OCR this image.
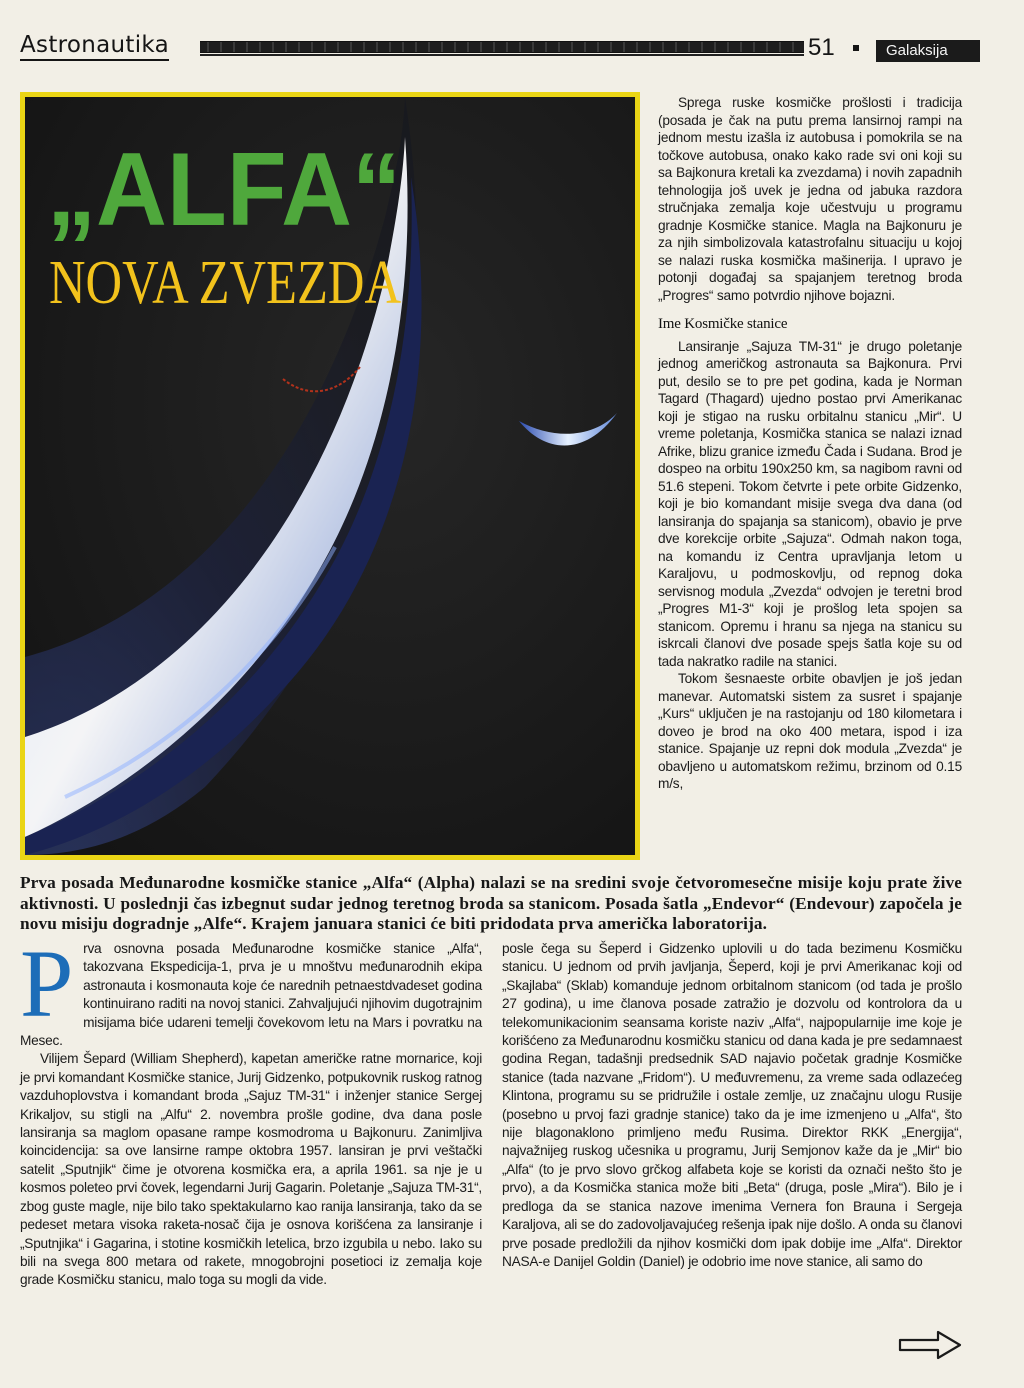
Astronautika	51	Galaksija
„ALFA“
NOVA ZVEZDA

Sprega ruske kosmičke prošlosti i tradicija (posada je čak na putu prema lansirnoj rampi na jednom mestu izašla iz autobusa i pomokrila se na točkove autobusa, onako kako rade svi oni koji su sa Bajkonura kretali ka zvezdama) i novih zapadnih tehnologija još uvek je jedna od jabuka razdora stručnjaka zemalja koje učestvuju u programu gradnje Kosmičke stanice. Magla na Bajkonuru je za njih simbolizovala katastrofalnu situaciju u kojoj se nalazi ruska kosmička mašinerija. I upravo je potonji događaj sa spajanjem teretnog broda „Progres“ samo potvrdio njihove bojazni.

Ime Kosmičke stanice

Lansiranje „Sajuza TM-31“ je drugo poletanje jednog američkog astronauta sa Bajkonura. Prvi put, desilo se to pre pet godina, kada je Norman Tagard (Thagard) ujedno postao prvi Amerikanac koji je stigao na rusku orbitalnu stanicu „Mir“. U vreme poletanja, Kosmička stanica se nalazi iznad Afrike, blizu granice između Čada i Sudana. Brod je dospeo na orbitu 190x250 km, sa nagibom ravni od 51.6 stepeni. Tokom četvrte i pete orbite Gidzenko, koji je bio komandant misije svega dva dana (od lansiranja do spajanja sa stanicom), obavio je prve dve korekcije orbite „Sajuza“. Odmah nakon toga, na komandu iz Centra upravljanja letom u Karaljovu, u podmoskovlju, od repnog doka servisnog modula „Zvezda“ odvojen je teretni brod „Progres M1-3“ koji je prošlog leta spojen sa stanicom. Opremu i hranu sa njega na stanicu su iskrcali članovi dve posade spejs šatla koje su od tada nakratko radile na stanici.

Tokom šesnaeste orbite obavljen je još jedan manevar. Automatski sistem za susret i spajanje „Kurs“ uključen je na rastojanju od 180 kilometara i doveo je brod na oko 400 metara, ispod i iza stanice. Spajanje uz repni dok modula „Zvezda“ je obavljeno u automatskom režimu, brzinom od 0.15 m/s,

Prva posada Međunarodne kosmičke stanice „Alfa“ (Alpha) nalazi se na sredini svoje četvoromesečne misije koju prate žive aktivnosti. U poslednji čas izbegnut sudar jednog teretnog broda sa stanicom. Posada šatla „Endevor“ (Endevour) započela je novu misiju dogradnje „Alfe“. Krajem januara stanici će biti pridodata prva američka laboratorija.
P rva osnovna posada Međunarodne kosmičke stanice „Alfa“, takozvana Ekspedicija-1, prva je u mnoštvu međunarodnih ekipa astronauta i kosmonauta koje će narednih petnaestdvadeset godina kontinuirano raditi na novoj stanici. Zahvaljujući njihovim dugotrajnim misijama biće udareni temelji čovekovom letu na Mars i povratku na Mesec.

Vilijem Šepard (William Shepherd), kapetan američke ratne mornarice, koji je prvi komandant Kosmičke stanice, Jurij Gidzenko, potpukovnik ruskog ratnog vazduhoplovstva i komandant broda „Sajuz TM-31“ i inženjer stanice Sergej Krikaljov, su stigli na „Alfu“ 2. novembra prošle godine, dva dana posle lansiranja sa maglom opasane rampe kosmodroma u Bajkonuru. Zanimljiva koincidencija: sa ove lansirne rampe oktobra 1957. lansiran je prvi veštački satelit „Sputnjik“ čime je otvorena kosmička era, a aprila 1961. sa nje je u kosmos poleteo prvi čovek, legendarni Jurij Gagarin. Poletanje „Sajuza TM-31“, zbog guste magle, nije bilo tako spektakularno kao ranija lansiranja, tako da se pedeset metara visoka raketa-nosač čija je osnova korišćena za lansiranje i „Sputnjika“ i Gagarina, i stotine kosmičkih letelica, brzo izgubila u nebo. Iako su bili na svega 800 metara od rakete, mnogobrojni posetioci iz zemalja koje grade Kosmičku stanicu, malo toga su mogli da vide.

posle čega su Šeperd i Gidzenko uplovili u do tada bezimenu Kosmičku stanicu. U jednom od prvih javljanja, Šeperd, koji je prvi Amerikanac koji od „Skajlaba“ (Sklab) komanduje jednom orbitalnom stanicom (od tada je prošlo 27 godina), u ime članova posade zatražio je dozvolu od kontrolora da u telekomunikacionim seansama koriste naziv „Alfa“, najpopularnije ime koje je korišćeno za Međunarodnu kosmičku stanicu od dana kada je pre sedamnaest godina Regan, tadašnji predsednik SAD najavio početak gradnje Kosmičke stanice (tada nazvane „Fridom“). U međuvremenu, za vreme sada odlazećeg Klintona, programu su se pridružile i ostale zemlje, uz značajnu ulogu Rusije (posebno u prvoj fazi gradnje stanice) tako da je ime izmenjeno u „Alfa“, što nije blagonaklono primljeno među Rusima. Direktor RKK „Energija“, najvažnijeg ruskog učesnika u programu, Jurij Semjonov kaže da je „Mir“ bio „Alfa“ (to je prvo slovo grčkog alfabeta koje se koristi da označi nešto što je prvo), a da Kosmička stanica može biti „Beta“ (druga, posle „Mira“). Bilo je i predloga da se stanica nazove imenima Vernera fon Brauna i Sergeja Karaljova, ali se do zadovoljavajućeg rešenja ipak nije došlo. A onda su članovi prve posade predložili da njihov kosmički dom ipak dobije ime „Alfa“. Direktor NASA-e Danijel Goldin (Daniel) je odobrio ime nove stanice, ali samo do
